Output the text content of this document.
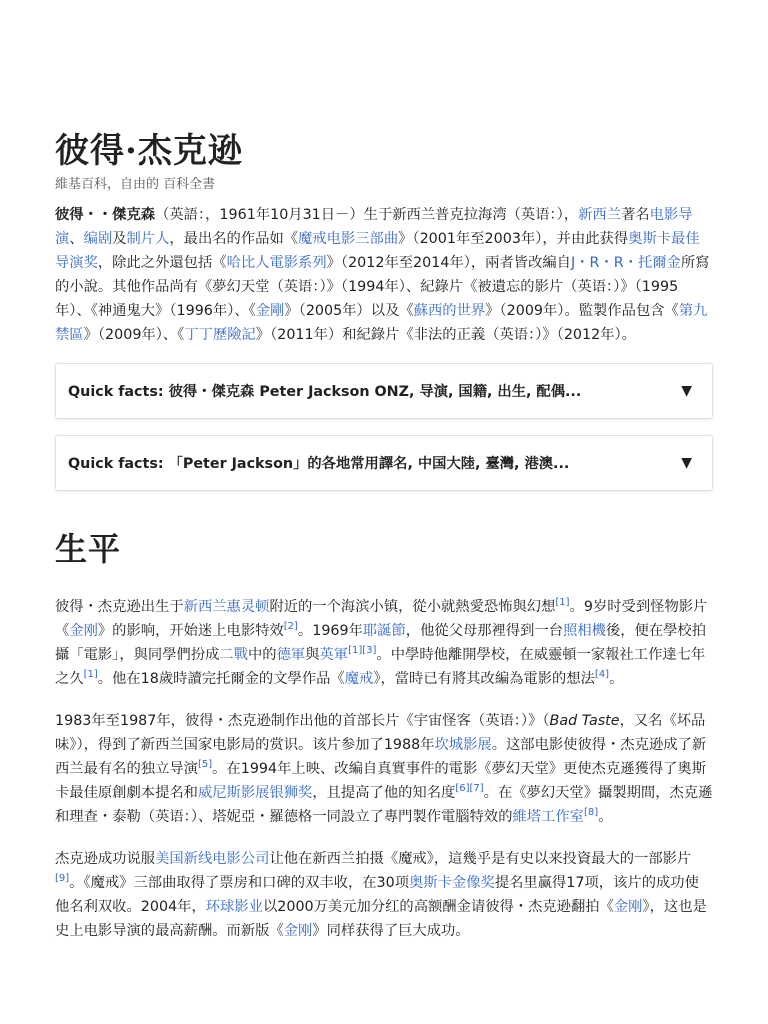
彼得·杰克逊
維基百科，自由的 百科全書

彼得・・傑克森（英語：，1961年10月31日－）生于新西兰普克拉海湾（英语：），新西兰著名电影导演、编剧及制片人，最出名的作品如《魔戒电影三部曲》（2001年至2003年），并由此获得奥斯卡最佳导演奖，除此之外還包括《哈比人電影系列》（2012年至2014年），兩者皆改編自J・R・R・托爾金所寫的小說。其他作品尚有《夢幻天堂（英语：）》（1994年）、紀錄片《被遺忘的影片（英语：）》（1995年）、《神通鬼大》（1996年）、《金剛》（2005年）以及《蘇西的世界》（2009年）。監製作品包含《第九禁區》（2009年）、《丁丁歷險記》（2011年）和紀錄片《非法的正義（英语：）》（2012年）。

Quick facts: 彼得・傑克森 Peter Jackson ONZ, 导演, 国籍, 出生, 配偶...	▼
Quick facts: 「Peter Jackson」的各地常用譯名, 中国大陸, 臺灣, 港澳...	▼
生平

彼得・杰克逊出生于新西兰惠灵顿附近的一个海滨小镇，從小就熱愛恐怖與幻想[1]。9岁时受到怪物影片《金刚》的影响，开始迷上电影特效[2]。1969年耶誕節，他從父母那裡得到一台照相機後，便在學校拍攝「電影」，與同學們扮成二戰中的德軍與英軍[1][3]。中學時他離開學校，在威靈頓一家報社工作達七年之久[1]。他在18歲時讀完托爾金的文學作品《魔戒》，當時已有將其改編為電影的想法[4]。

1983年至1987年，彼得・杰克逊制作出他的首部长片《宇宙怪客（英语：）》（Bad Taste，又名《坏品味》），得到了新西兰国家电影局的赏识。该片参加了1988年坎城影展。这部电影使彼得・杰克逊成了新西兰最有名的独立导演[5]。在1994年上映、改編自真實事件的電影《夢幻天堂》更使杰克遜獲得了奧斯卡最佳原創劇本提名和威尼斯影展银狮奖，且提高了他的知名度[6][7]。在《夢幻天堂》攝製期間，杰克遜和理查・泰勒（英语：）、塔妮亞・羅德格一同設立了專門製作電腦特效的維塔工作室[8]。

杰克逊成功说服美国新线电影公司让他在新西兰拍摄《魔戒》，這幾乎是有史以来投資最大的一部影片[9]。《魔戒》三部曲取得了票房和口碑的双丰收，在30项奥斯卡金像奖提名里赢得17项，该片的成功使他名利双收。2004年，环球影业以2000万美元加分红的高额酬金请彼得・杰克逊翻拍《金刚》，这也是史上电影导演的最高薪酬。而新版《金刚》同样获得了巨大成功。
